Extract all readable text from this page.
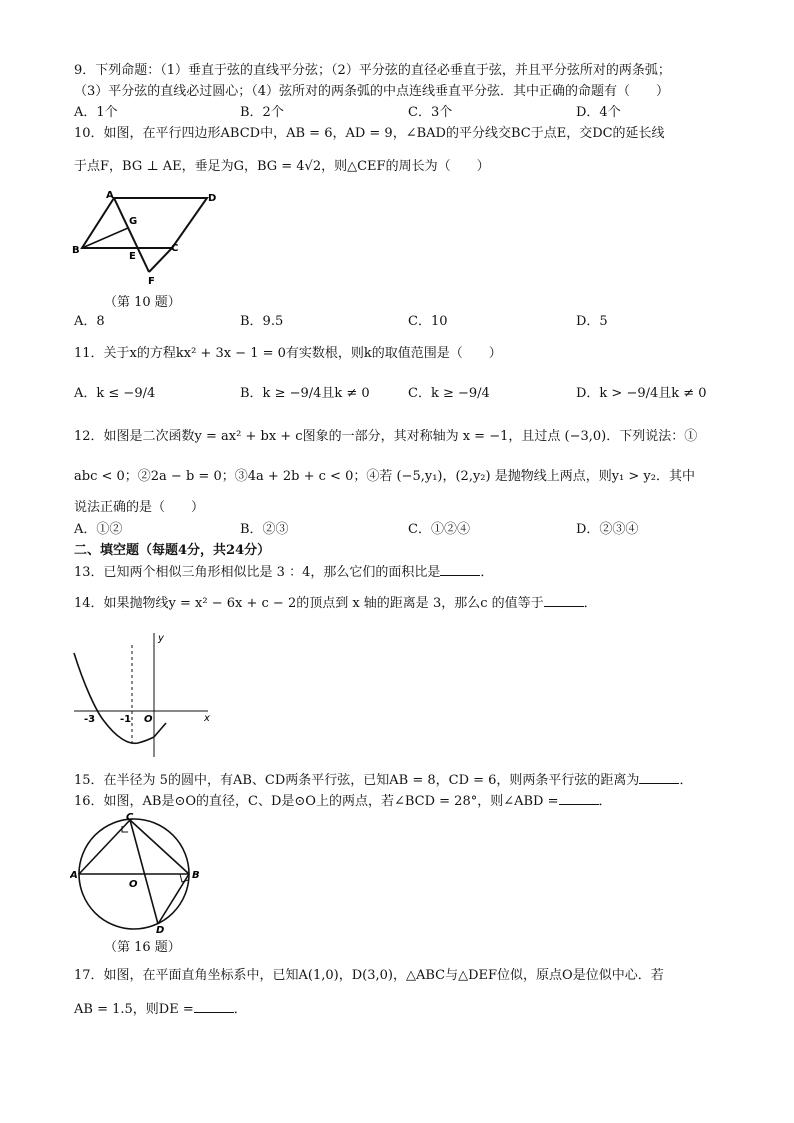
9．下列命题：（1）垂直于弦的直线平分弦；（2）平分弦的直径必垂直于弦，并且平分弦所对的两条弧；
（3）平分弦的直线必过圆心；（4）弦所对的两条弧的中点连线垂直平分弦．其中正确的命题有（　　）
A．1个	B．2个	C．3个	D．4个
10．如图，在平行四边形ABCD中，AB = 6，AD = 9，∠BAD的平分线交BC于点E，交DC的延长线
于点F，BG ⊥ AE，垂足为G，BG = 4√2，则△CEF的周长为（　　）
A	D
G
B
E
C
F
（第 10 题）
A．8	B．9.5	C．10	D．5
11．关于x的方程kx² + 3x − 1 = 0有实数根，则k的取值范围是（　　）
A．k ≤ −9/4	B．k ≥ −9/4且k ≠ 0	C．k ≥ −9/4	D．k > −9/4且k ≠ 0
12．如图是二次函数y = ax² + bx + c图象的一部分，其对称轴为 x = −1，且过点 (−3,0)．下列说法：①
abc < 0；②2a − b = 0；③4a + 2b + c < 0；④若 (−5,y₁)，(2,y₂) 是抛物线上两点，则y₁ > y₂．其中
说法正确的是（　　）
A．①②	B．②③	C．①②④	D．②③④
二、填空题（每题4分，共24分）
13．已知两个相似三角形相似比是 3 ：4，那么它们的面积比是	．
14．如果抛物线y = x² − 6x + c − 2的顶点到 x 轴的距离是 3，那么c 的值等于	．
y
x
-3 -1 O
15．在半径为 5的圆中，有AB、CD两条平行弦，已知AB = 8，CD = 6，则两条平行弦的距离为	．
16．如图，AB是⊙O的直径，C、D是⊙O上的两点，若∠BCD = 28°，则∠ABD =	．
C
A
O
B
D
（第 16 题）
17．如图，在平面直角坐标系中，已知A(1,0)，D(3,0)，△ABC与△DEF位似，原点O是位似中心．若
AB = 1.5，则DE =	．
